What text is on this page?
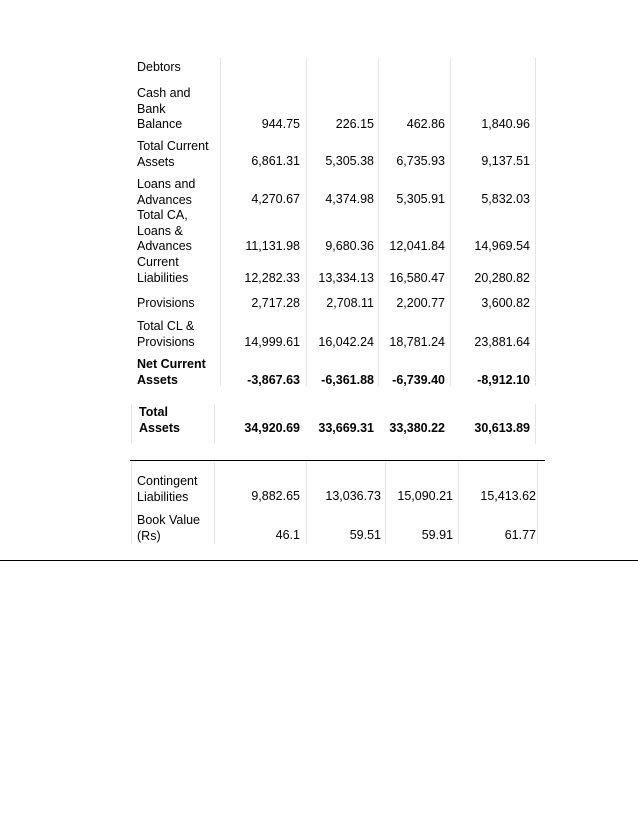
Debtors
Cash and
Bank
Balance	944.75	226.15	462.86	1,840.96
Total Current
Assets	6,861.31 5,305.38 6,735.93	9,137.51
Loans and
Advances	4,270.67 4,374.98 5,305.91	5,832.03
Total CA,
Loans &
Advances	11,131.98 9,680.36 12,041.84 14,969.54
Current
Liabilities	12,282.33 13,334.13 16,580.47 20,280.82
Provisions	2,717.28 2,708.11 2,200.77	3,600.82
Total CL &
Provisions	14,999.61 16,042.24 18,781.24 23,881.64
Net Current
Assets	-3,867.63 -6,361.88 -6,739.40	-8,912.10
Total
Assets	34,920.69 33,669.31 33,380.22 30,613.89
Contingent
Liabilities	9,882.65 13,036.73 15,090.21 15,413.62
Book Value
(Rs)	46.1	59.51	59.91	61.77
